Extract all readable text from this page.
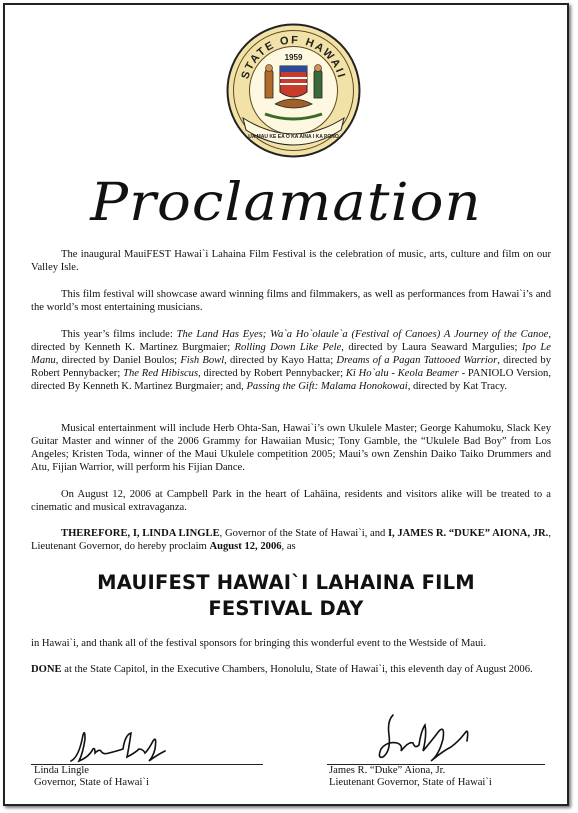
STATE OF HAWAII
1959
UA MAU KE EA O KA AINA I KA PONO
Proclamation

The inaugural MauiFEST Hawai`i Lahaina Film Festival is the celebration of music, arts, culture and film on our Valley Isle.

This film festival will showcase award winning films and filmmakers, as well as performances from Hawai`i’s and the world’s most entertaining musicians.

This year’s films include: The Land Has Eyes; Wa`a Ho`olaule`a (Festival of Canoes) A Journey of the Canoe, directed by Kenneth K. Martinez Burgmaier; Rolling Down Like Pele, directed by Laura Seaward Margulies; Ipo Le Manu, directed by Daniel Boulos; Fish Bowl, directed by Kayo Hatta; Dreams of a Pagan Tattooed Warrior, directed by Robert Pennybacker; The Red Hibiscus, directed by Robert Pennybacker; Ki Ho`alu - Keola Beamer - PANIOLO Version, directed By Kenneth K. Martinez Burgmaier; and, Passing the Gift: Malama Honokowai, directed by Kat Tracy.

Musical entertainment will include Herb Ohta-San, Hawai`i’s own Ukulele Master; George Kahumoku, Slack Key Guitar Master and winner of the 2006 Grammy for Hawaiian Music; Tony Gamble, the “Ukulele Bad Boy” from Los Angeles; Kristen Toda, winner of the Maui Ukulele competition 2005; Maui’s own Zenshin Daiko Taiko Drummers and Atu, Fijian Warrior, will perform his Fijian Dance.

On August 12, 2006 at Campbell Park in the heart of Lahāina, residents and visitors alike will be treated to a cinematic and musical extravaganza.

THEREFORE, I, LINDA LINGLE, Governor of the State of Hawai`i, and I, JAMES R. “DUKE” AIONA, JR., Lieutenant Governor, do hereby proclaim August 12, 2006, as

MAUIFEST HAWAI`I LAHAINA FILM
FESTIVAL DAY

in Hawai`i, and thank all of the festival sponsors for bringing this wonderful event to the Westside of Maui.

DONE at the State Capitol, in the Executive Chambers, Honolulu, State of Hawai`i, this eleventh day of August 2006.

Linda Lingle
Governor, State of Hawai`i
James R. “Duke” Aiona, Jr.
Lieutenant Governor, State of Hawai`i
